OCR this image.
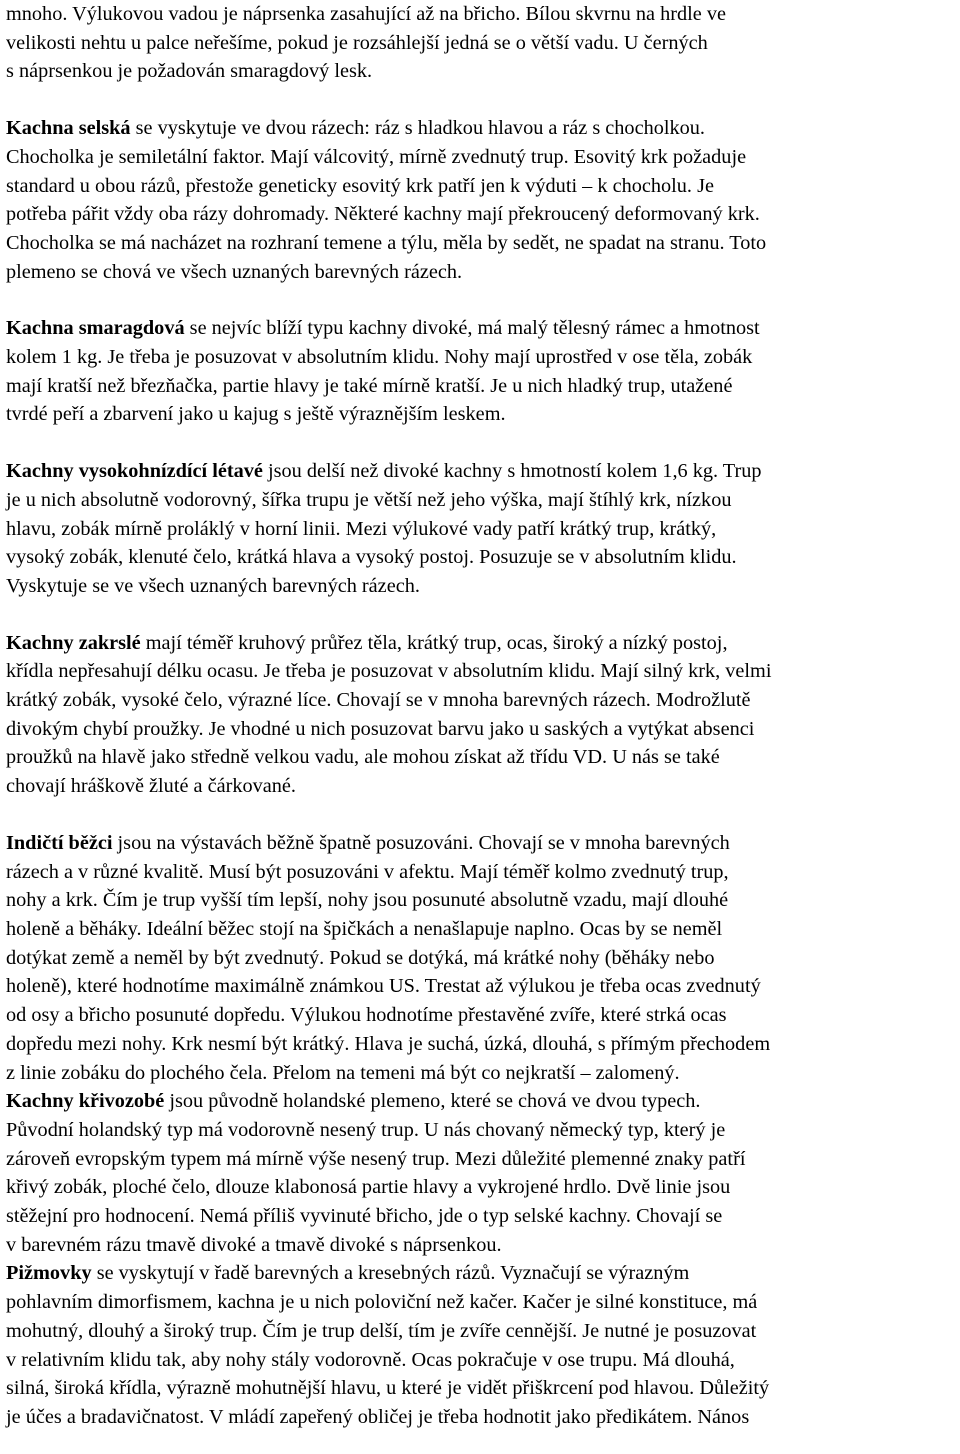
mnoho. Výlukovou vadou je náprsenka zasahující až na břicho. Bílou skvrnu na hrdle ve
velikosti nehtu u palce neřešíme, pokud je rozsáhlejší jedná se o větší vadu. U černých
s náprsenkou je požadován smaragdový lesk.
Kachna selská se vyskytuje ve dvou rázech: ráz s hladkou hlavou a ráz s chocholkou.
Chocholka je semiletální faktor. Mají válcovitý, mírně zvednutý trup. Esovitý krk požaduje
standard u obou rázů, přestože geneticky esovitý krk patří jen k výduti – k chocholu. Je
potřeba pářit vždy oba rázy dohromady. Některé kachny mají překroucený deformovaný krk.
Chocholka se má nacházet na rozhraní temene a týlu, měla by sedět, ne spadat na stranu. Toto
plemeno se chová ve všech uznaných barevných rázech.
Kachna smaragdová se nejvíc blíží typu kachny divoké, má malý tělesný rámec a hmotnost
kolem 1 kg. Je třeba je posuzovat v absolutním klidu. Nohy mají uprostřed v ose těla, zobák
mají kratší než březňačka, partie hlavy je také mírně kratší. Je u nich hladký trup, utažené
tvrdé peří a zbarvení jako u kajug s ještě výraznějším leskem.
Kachny vysokohnízdící létavé jsou delší než divoké kachny s hmotností kolem 1,6 kg. Trup
je u nich absolutně vodorovný, šířka trupu je větší než jeho výška, mají štíhlý krk, nízkou
hlavu, zobák mírně proláklý v horní linii. Mezi výlukové vady patří krátký trup, krátký,
vysoký zobák, klenuté čelo, krátká hlava a vysoký postoj. Posuzuje se v absolutním klidu.
Vyskytuje se ve všech uznaných barevných rázech.
Kachny zakrslé mají téměř kruhový průřez těla, krátký trup, ocas, široký a nízký postoj,
křídla nepřesahují délku ocasu. Je třeba je posuzovat v absolutním klidu. Mají silný krk, velmi
krátký zobák, vysoké čelo, výrazné líce. Chovají se v mnoha barevných rázech. Modrožlutě
divokým chybí proužky. Je vhodné u nich posuzovat barvu jako u saských a vytýkat absenci
proužků na hlavě jako středně velkou vadu, ale mohou získat až třídu VD. U nás se také
chovají hráškově žluté a čárkované.
Indičtí běžci jsou na výstavách běžně špatně posuzováni. Chovají se v mnoha barevných
rázech a v různé kvalitě. Musí být posuzováni v afektu. Mají téměř kolmo zvednutý trup,
nohy a krk. Čím je trup vyšší tím lepší, nohy jsou posunuté absolutně vzadu, mají dlouhé
holeně a běháky. Ideální běžec stojí na špičkách a nenašlapuje naplno. Ocas by se neměl
dotýkat země a neměl by být zvednutý. Pokud se dotýká, má krátké nohy (běháky nebo
holeně), které hodnotíme maximálně známkou US. Trestat až výlukou je třeba ocas zvednutý
od osy a břicho posunuté dopředu. Výlukou hodnotíme přestavěné zvíře, které strká ocas
dopředu mezi nohy. Krk nesmí být krátký. Hlava je suchá, úzká, dlouhá, s přímým přechodem
z linie zobáku do plochého čela. Přelom na temeni má být co nejkratší – zalomený.
Kachny křivozobé jsou původně holandské plemeno, které se chová ve dvou typech.
Původní holandský typ má vodorovně nesený trup. U nás chovaný německý typ, který je
zároveň evropským typem má mírně výše nesený trup. Mezi důležité plemenné znaky patří
křivý zobák, ploché čelo, dlouze klabonosá partie hlavy a vykrojené hrdlo. Dvě linie jsou
stěžejní pro hodnocení. Nemá příliš vyvinuté břicho, jde o typ selské kachny. Chovají se
v barevném rázu tmavě divoké a tmavě divoké s náprsenkou.
Pižmovky se vyskytují v řadě barevných a kresebných rázů. Vyznačují se výrazným
pohlavním dimorfismem, kachna je u nich poloviční než kačer. Kačer je silné konstituce, má
mohutný, dlouhý a široký trup. Čím je trup delší, tím je zvíře cennější. Je nutné je posuzovat
v relativním klidu tak, aby nohy stály vodorovně. Ocas pokračuje v ose trupu. Má dlouhá,
silná, široká křídla, výrazně mohutnější hlavu, u které je vidět přiškrcení pod hlavou. Důležitý
je účes a bradavičnatost. V mládí zapeřený obličej je třeba hodnotit jako předikátem. Nános
